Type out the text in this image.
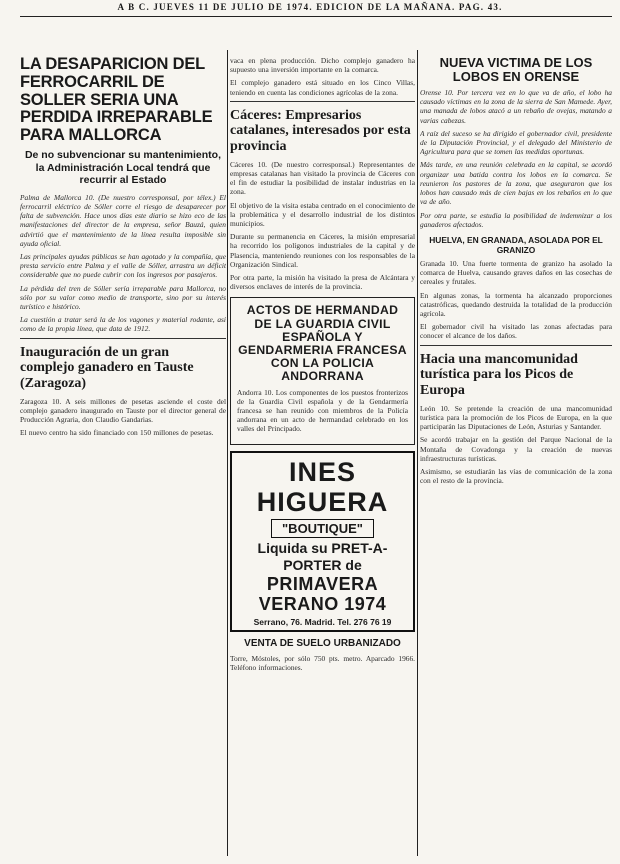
A B C. JUEVES 11 DE JULIO DE 1974. EDICION DE LA MAÑANA. PAG. 43.
LA DESAPARICION DEL FERROCARRIL DE SOLLER SERIA UNA PERDIDA IRREPARABLE PARA MALLORCA
De no subvencionar su mantenimiento, la Administración Local tendrá que recurrir al Estado

Palma de Mallorca 10. (De nuestro corresponsal, por télex.) El ferrocarril eléctrico de Sóller corre el riesgo de desaparecer por falta de subvención. Hace unos días este diario se hizo eco de las manifestaciones del director de la empresa, señor Bauzá, quien advirtió que el mantenimiento de la línea resulta imposible sin ayuda oficial.

Las principales ayudas públicas se han agotado y la compañía, que presta servicio entre Palma y el valle de Sóller, arrastra un déficit considerable que no puede cubrir con los ingresos por pasajeros.

La pérdida del tren de Sóller sería irreparable para Mallorca, no sólo por su valor como medio de transporte, sino por su interés turístico e histórico.

La cuestión a tratar será la de los vagones y material rodante, así como de la propia línea, que data de 1912.

Inauguración de un gran complejo ganadero en Tauste (Zaragoza)

Zaragoza 10. A seis millones de pesetas asciende el coste del complejo ganadero inaugurado en Tauste por el director general de Producción Agraria, don Claudio Gandarias.

El nuevo centro ha sido financiado con 150 millones de pesetas.

vaca en plena producción. Dicho complejo ganadero ha supuesto una inversión importante en la comarca.

El complejo ganadero está situado en los Cinco Villas, teniendo en cuenta las condiciones agrícolas de la zona.

Cáceres: Empresarios catalanes, interesados por esta provincia

Cáceres 10. (De nuestro corresponsal.) Representantes de empresas catalanas han visitado la provincia de Cáceres con el fin de estudiar la posibilidad de instalar industrias en la zona.

El objetivo de la visita estaba centrado en el conocimiento de la problemática y el desarrollo industrial de los distintos municipios.

Durante su permanencia en Cáceres, la misión empresarial ha recorrido los polígonos industriales de la capital y de Plasencia, manteniendo reuniones con los responsables de la Organización Sindical.

Por otra parte, la misión ha visitado la presa de Alcántara y diversos enclaves de interés de la provincia.

ACTOS DE HERMANDAD DE LA GUARDIA CIVIL ESPAÑOLA Y GENDARMERIA FRANCESA CON LA POLICIA ANDORRANA

Andorra 10. Los componentes de los puestos fronterizos de la Guardia Civil española y de la Gendarmería francesa se han reunido con miembros de la Policía andorrana en un acto de hermandad celebrado en los valles del Principado.

INES HIGUERA
"BOUTIQUE"
Liquida su PRET-A-PORTER de
PRIMAVERA VERANO 1974
Serrano, 76. Madrid. Tel. 276 76 19
VENTA DE SUELO URBANIZADO

Torre, Móstoles, por sólo 750 pts. metro. Aparcado 1966. Teléfono informaciones.

NUEVA VICTIMA DE LOS LOBOS EN ORENSE

Orense 10. Por tercera vez en lo que va de año, el lobo ha causado víctimas en la zona de la sierra de San Mamede. Ayer, una manada de lobos atacó a un rebaño de ovejas, matando a varias cabezas.

A raíz del suceso se ha dirigido el gobernador civil, presidente de la Diputación Provincial, y el delegado del Ministerio de Agricultura para que se tomen las medidas oportunas.

Más tarde, en una reunión celebrada en la capital, se acordó organizar una batida contra los lobos en la comarca. Se reunieron los pastores de la zona, que aseguraron que los lobos han causado más de cien bajas en los rebaños en lo que va de año.

Por otra parte, se estudia la posibilidad de indemnizar a los ganaderos afectados.

HUELVA, EN GRANADA, ASOLADA POR EL GRANIZO

Granada 10. Una fuerte tormenta de granizo ha asolado la comarca de Huelva, causando graves daños en las cosechas de cereales y frutales.

En algunas zonas, la tormenta ha alcanzado proporciones catastróficas, quedando destruida la totalidad de la producción agrícola.

El gobernador civil ha visitado las zonas afectadas para conocer el alcance de los daños.

Hacia una mancomunidad turística para los Picos de Europa

León 10. Se pretende la creación de una mancomunidad turística para la promoción de los Picos de Europa, en la que participarán las Diputaciones de León, Asturias y Santander.

Se acordó trabajar en la gestión del Parque Nacional de la Montaña de Covadonga y la creación de nuevas infraestructuras turísticas.

Asimismo, se estudiarán las vías de comunicación de la zona con el resto de la provincia.
